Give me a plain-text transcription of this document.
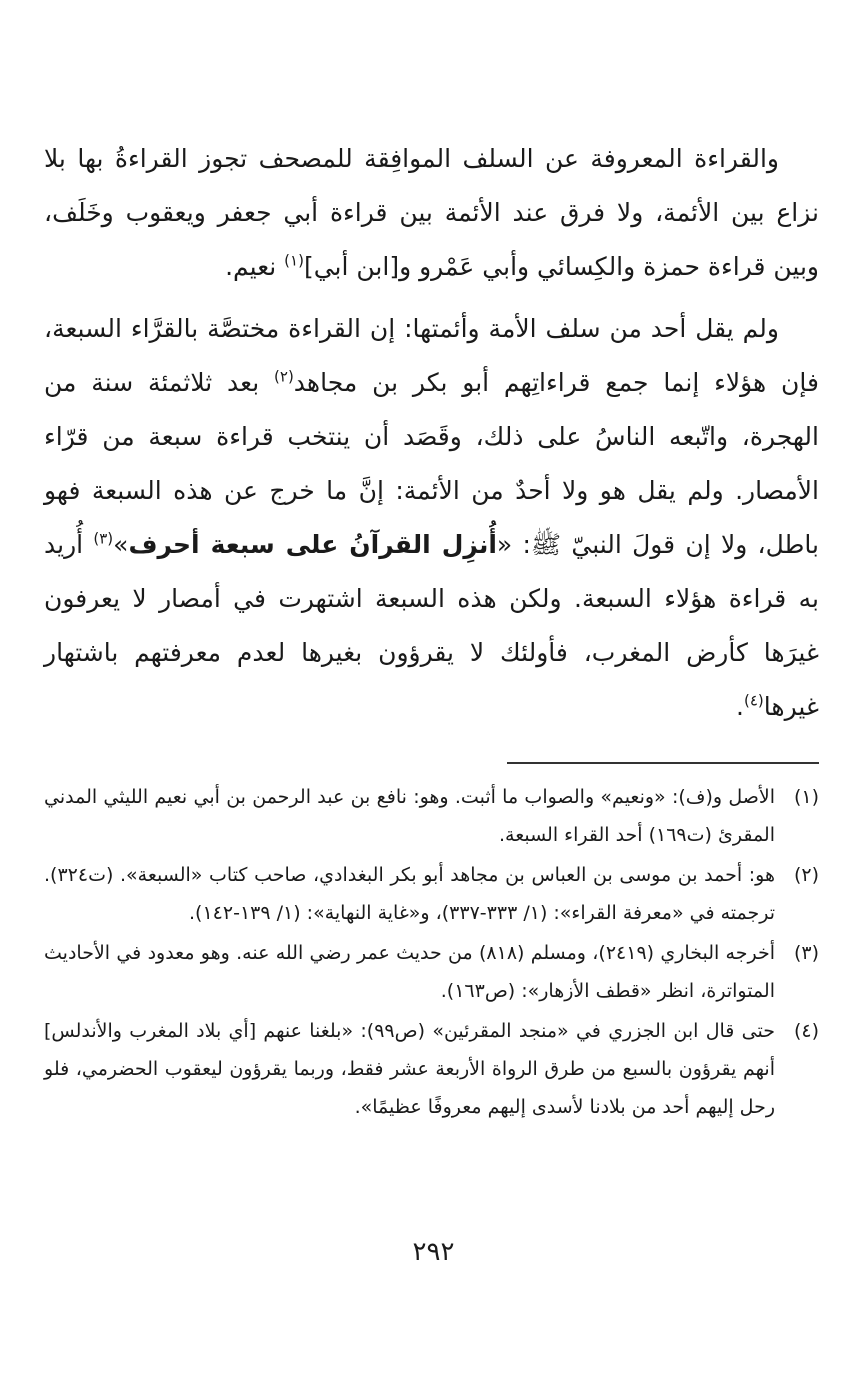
والقراءة المعروفة عن السلف الموافِقة للمصحف تجوز القراءةُ بها بلا نزاع بين الأئمة، ولا فرق عند الأئمة بين قراءة أبي جعفر ويعقوب وخَلَف، وبين قراءة حمزة والكِسائي وأبي عَمْرو و[ابن أبي]$^{(١)}$ نعيم.

ولم يقل أحد من سلف الأمة وأئمتها: إن القراءة مختصَّة بالقرَّاء السبعة، فإن هؤلاء إنما جمع قراءاتِهم أبو بكر بن مجاهد$^{(٢)}$ بعد ثلاثمئة سنة من الهجرة، واتّبعه الناسُ على ذلك، وقَصَد أن ينتخب قراءة سبعة من قرّاء الأمصار. ولم يقل هو ولا أحدٌ من الأئمة: إنَّ ما خرج عن هذه السبعة فهو باطل، ولا إن قولَ النبيّ ﷺ: «أُنزِل القرآنُ على سبعة أحرف»$^{(٣)}$ أُريد به قراءة هؤلاء السبعة. ولكن هذه السبعة اشتهرت في أمصار لا يعرفون غيرَها كأرض المغرب، فأولئك لا يقرؤون بغيرها لعدم معرفتهم باشتهار غيرها$^{(٤)}$.

(١)
الأصل و(ف): «ونعيم» والصواب ما أثبت. وهو: نافع بن عبد الرحمن بن أبي نعيم الليثي المدني المقرئ (ت١٦٩) أحد القراء السبعة.
(٢)
هو: أحمد بن موسى بن العباس بن مجاهد أبو بكر البغدادي، صاحب كتاب «السبعة». (ت٣٢٤). ترجمته في «معرفة القراء»: (١/ ٣٣٣-٣٣٧)، و«غاية النهاية»: (١/ ١٣٩-١٤٢).
(٣)
أخرجه البخاري (٢٤١٩)، ومسلم (٨١٨) من حديث عمر رضي الله عنه. وهو معدود في الأحاديث المتواترة، انظر «قطف الأزهار»: (ص١٦٣).
(٤)
حتى قال ابن الجزري في «منجد المقرئين» (ص٩٩): «بلغنا عنهم [أي بلاد المغرب والأندلس] أنهم يقرؤون بالسبع من طرق الرواة الأربعة عشر فقط، وربما يقرؤون ليعقوب الحضرمي، فلو رحل إليهم أحد من بلادنا لأسدى إليهم معروفًا عظيمًا».
٢٩٢
